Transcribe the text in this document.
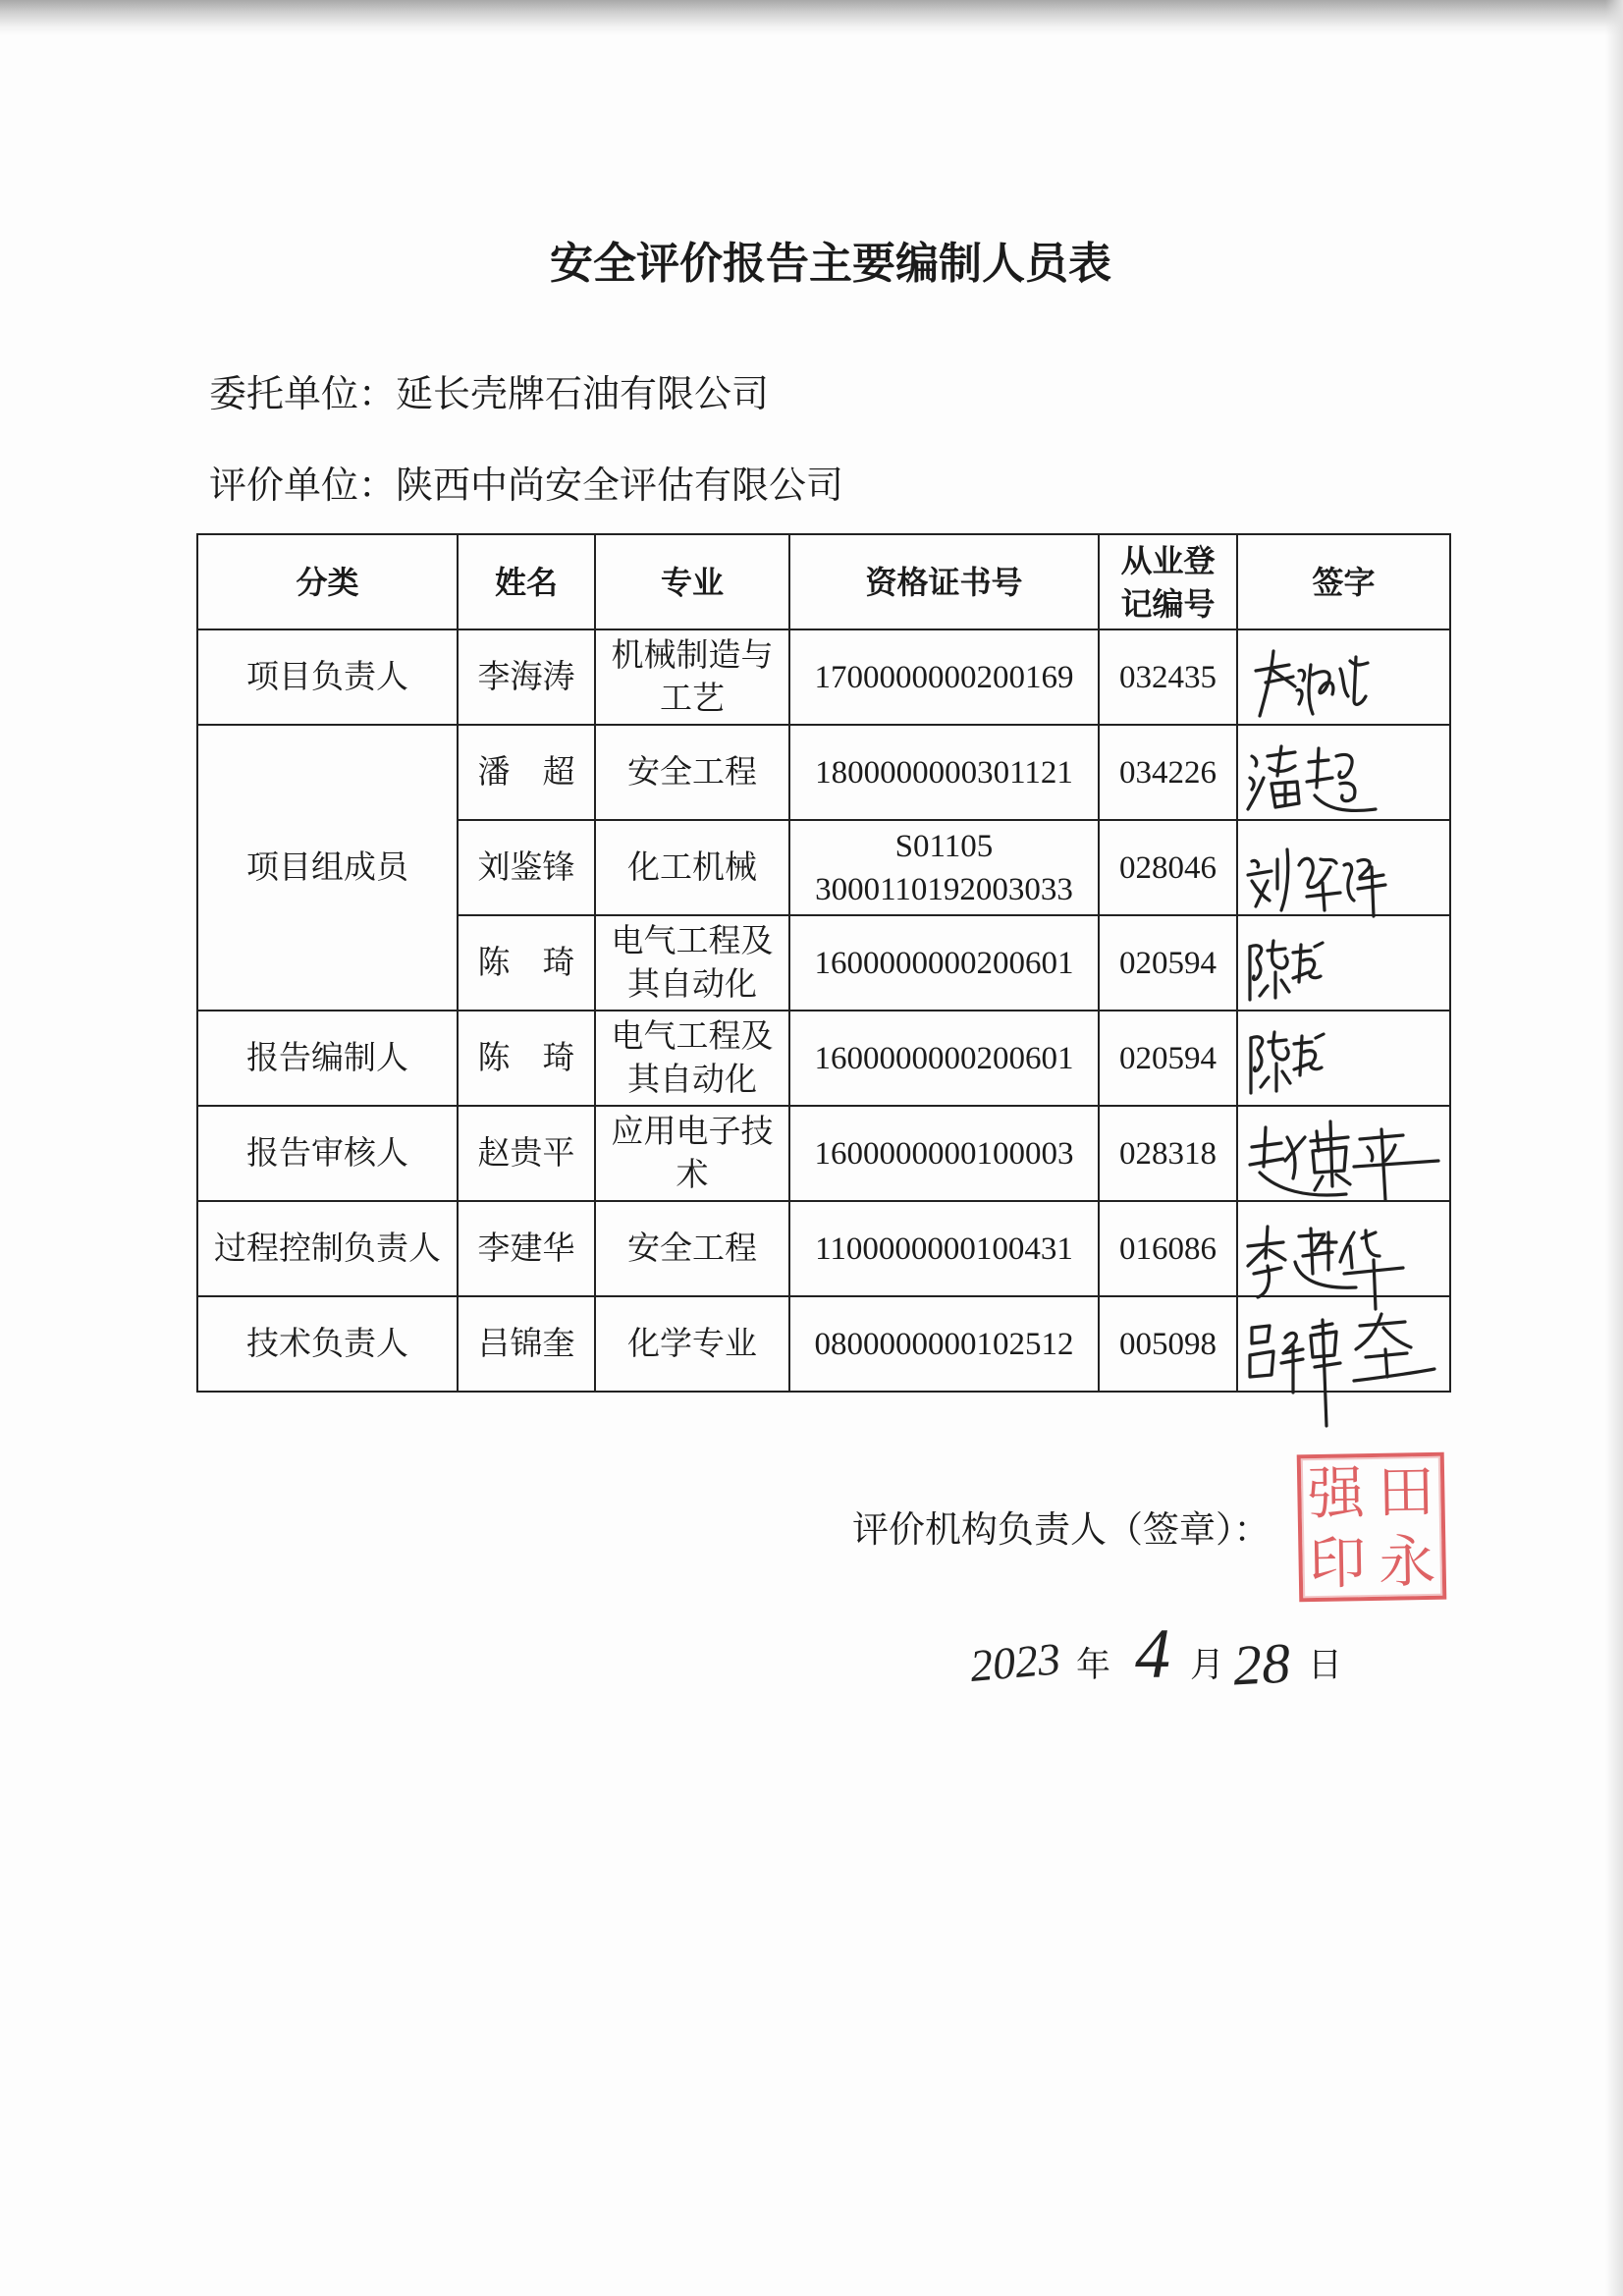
安全评价报告主要编制人员表
委托单位：延长壳牌石油有限公司
评价单位：陕西中尚安全评估有限公司
分类	姓名	专业	资格证书号	从业登记编号	签字
项目负责人	李海涛	机械制造与工艺	1700000000200169	032435	

项目组成员	潘　超	安全工程	1800000000301121	034226	

	刘鉴锋	化工机械	S01105 3000110192003033	028046	

	陈　琦	电气工程及其自动化	1600000000200601	020594	

报告编制人	陈　琦	电气工程及其自动化	1600000000200601	020594	

报告审核人	赵贵平	应用电子技术	1600000000100003	028318	

过程控制负责人	李建华	安全工程	1100000000100431	016086	

技术负责人	吕锦奎	化学专业	0800000000102512	005098	
评价机构负责人（签章）：
强 田
印 永
2023 年 4 月 28 日
